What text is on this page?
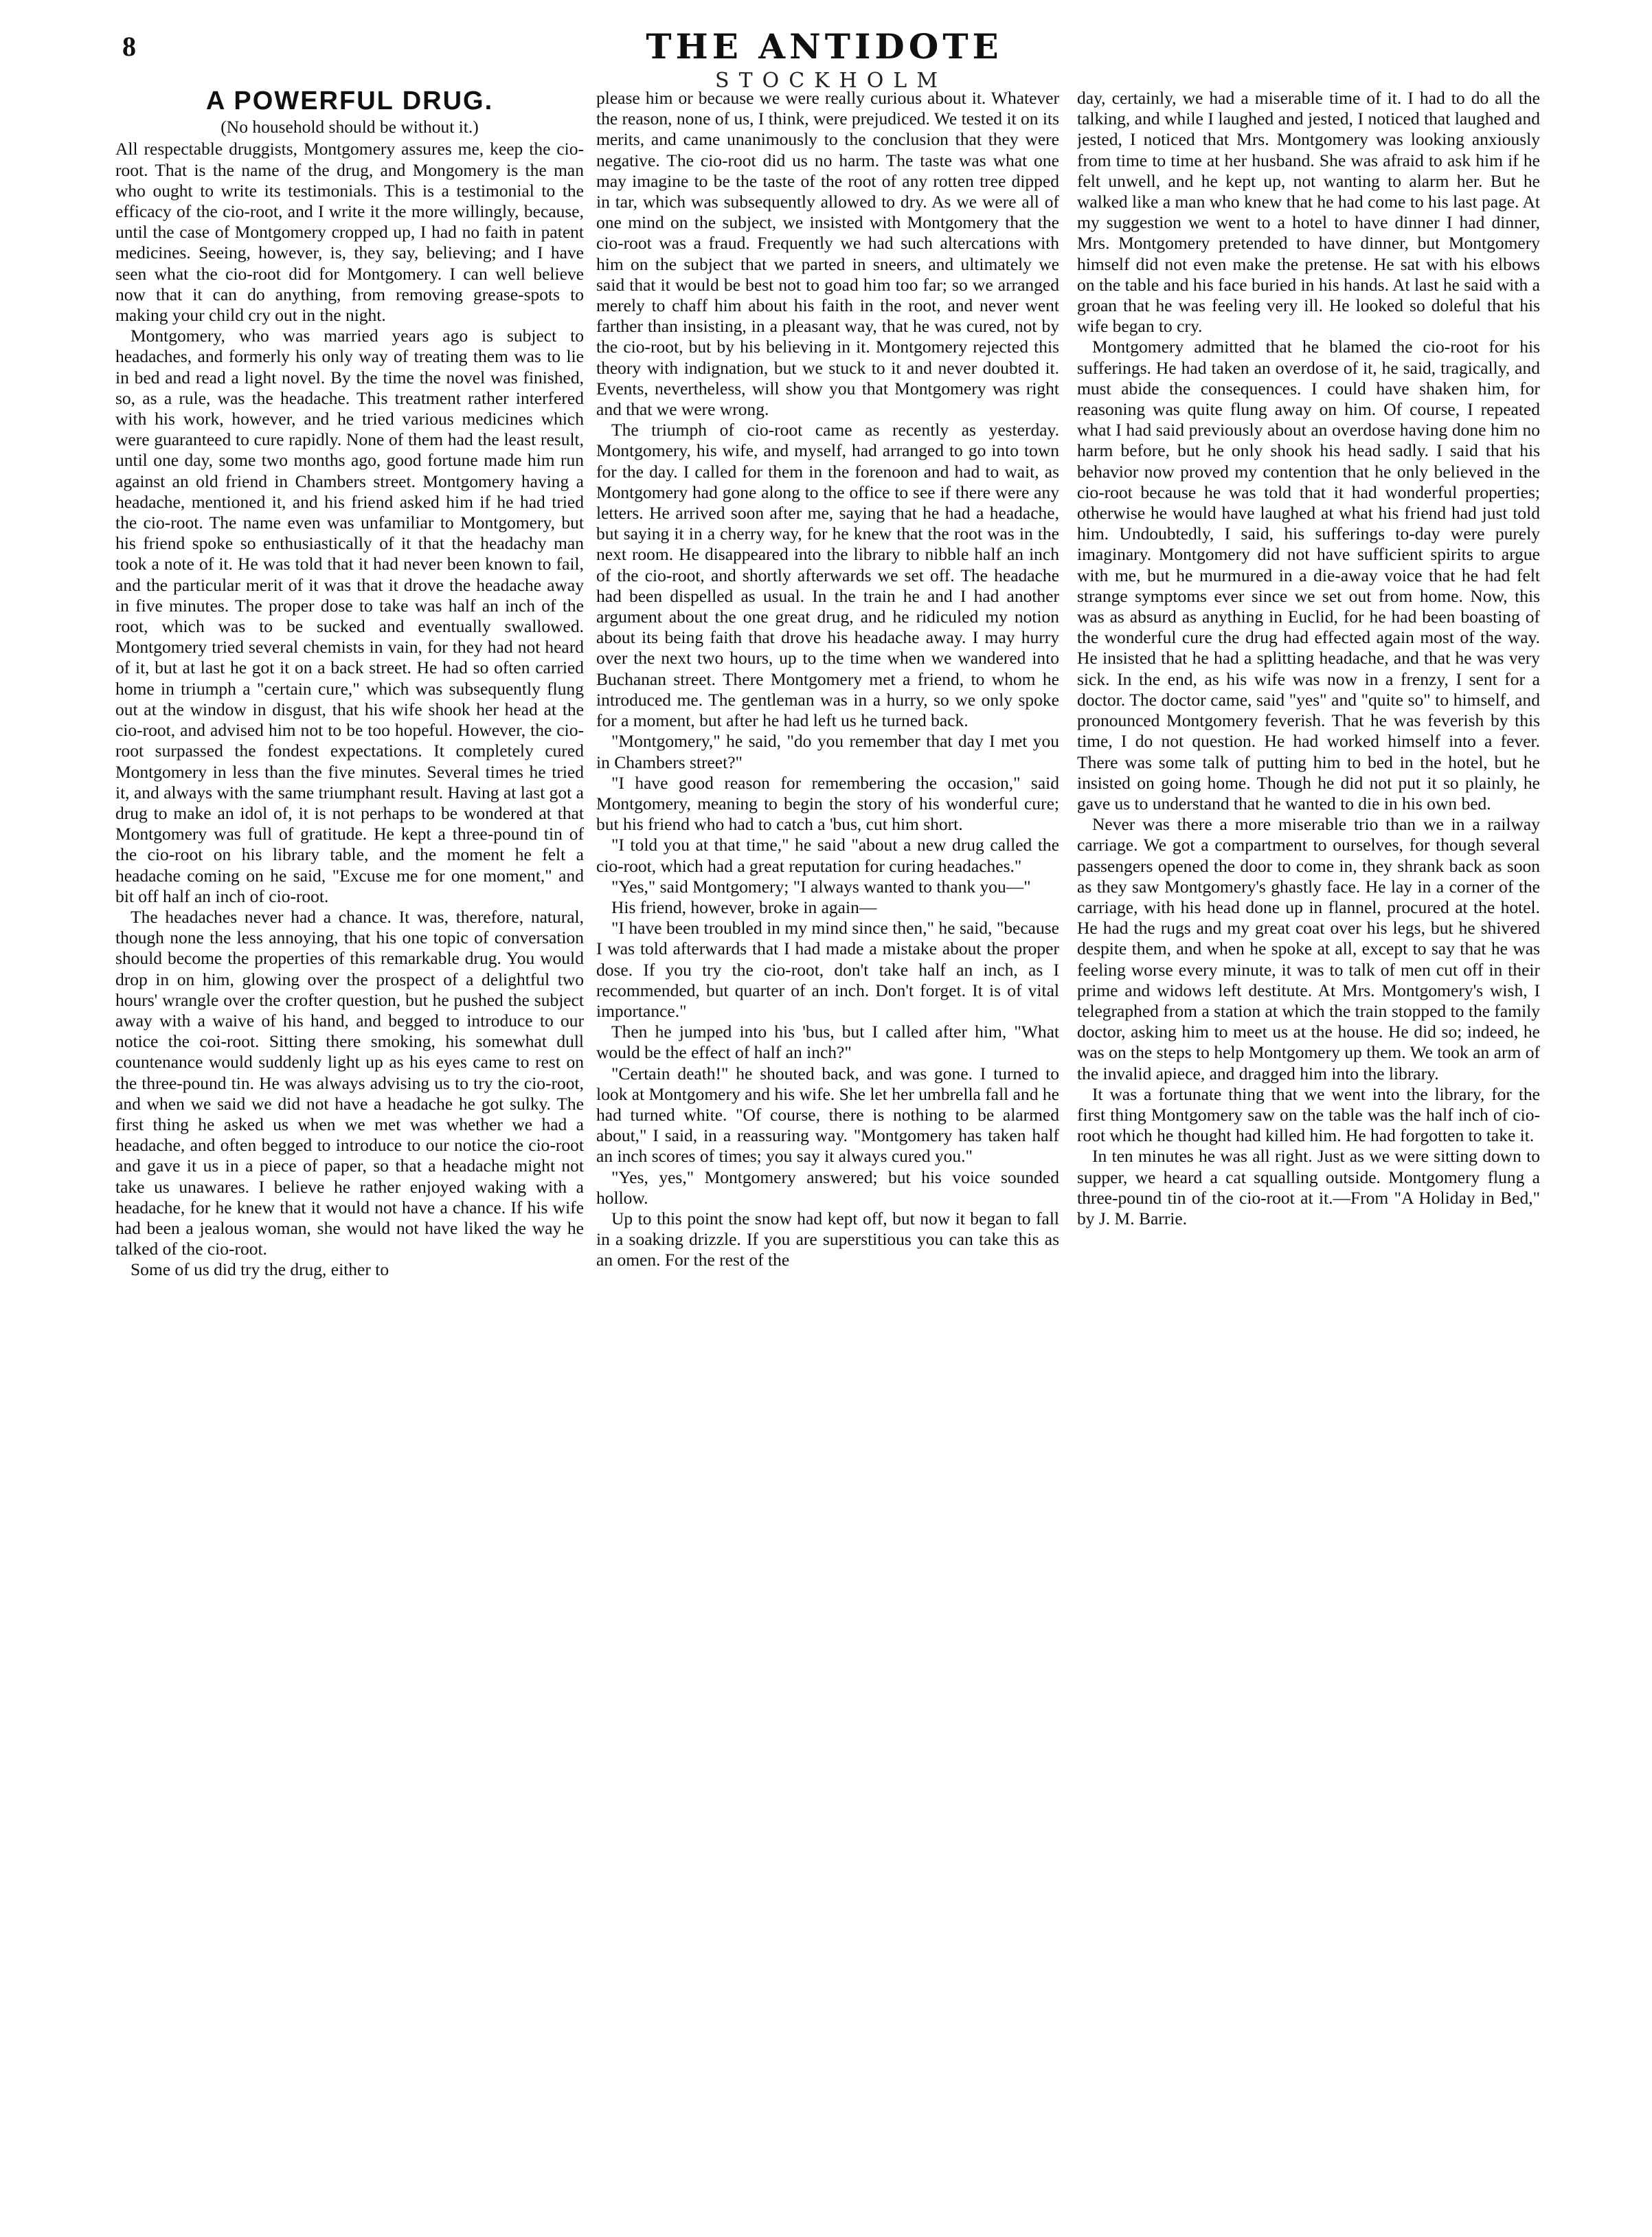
8	THE ANTIDOTE
STOCKHOLM
A POWERFUL DRUG.
(No household should be without it.)

All respectable druggists, Montgomery assures me, keep the cio-root. That is the name of the drug, and Mongomery is the man who ought to write its testimonials. This is a testimonial to the efficacy of the cio-root, and I write it the more willingly, because, until the case of Montgomery cropped up, I had no faith in patent medicines. Seeing, however, is, they say, believing; and I have seen what the cio-root did for Montgomery. I can well believe now that it can do anything, from removing grease-spots to making your child cry out in the night.

Montgomery, who was married years ago is subject to headaches, and formerly his only way of treating them was to lie in bed and read a light novel. By the time the novel was finished, so, as a rule, was the headache. This treatment rather interfered with his work, however, and he tried various medicines which were guaranteed to cure rapidly. None of them had the least result, until one day, some two months ago, good fortune made him run against an old friend in Chambers street. Montgomery having a headache, mentioned it, and his friend asked him if he had tried the cio-root. The name even was unfamiliar to Montgomery, but his friend spoke so enthusiastically of it that the headachy man took a note of it. He was told that it had never been known to fail, and the particular merit of it was that it drove the headache away in five minutes. The proper dose to take was half an inch of the root, which was to be sucked and eventually swallowed. Montgomery tried several chemists in vain, for they had not heard of it, but at last he got it on a back street. He had so often carried home in triumph a "certain cure," which was subsequently flung out at the window in disgust, that his wife shook her head at the cio-root, and advised him not to be too hopeful. However, the cio-root surpassed the fondest expectations. It completely cured Montgomery in less than the five minutes. Several times he tried it, and always with the same triumphant result. Having at last got a drug to make an idol of, it is not perhaps to be wondered at that Montgomery was full of gratitude. He kept a three-pound tin of the cio-root on his library table, and the moment he felt a headache coming on he said, "Excuse me for one moment," and bit off half an inch of cio-root.

The headaches never had a chance. It was, therefore, natural, though none the less annoying, that his one topic of conversation should become the properties of this remarkable drug. You would drop in on him, glowing over the prospect of a delightful two hours' wrangle over the crofter question, but he pushed the subject away with a waive of his hand, and begged to introduce to our notice the coi-root. Sitting there smoking, his somewhat dull countenance would suddenly light up as his eyes came to rest on the three-pound tin. He was always advising us to try the cio-root, and when we said we did not have a headache he got sulky. The first thing he asked us when we met was whether we had a headache, and often begged to introduce to our notice the cio-root and gave it us in a piece of paper, so that a headache might not take us unawares. I believe he rather enjoyed waking with a headache, for he knew that it would not have a chance. If his wife had been a jealous woman, she would not have liked the way he talked of the cio-root.

Some of us did try the drug, either to

please him or because we were really curious about it. Whatever the reason, none of us, I think, were prejudiced. We tested it on its merits, and came unanimously to the conclusion that they were negative. The cio-root did us no harm. The taste was what one may imagine to be the taste of the root of any rotten tree dipped in tar, which was subsequently allowed to dry. As we were all of one mind on the subject, we insisted with Montgomery that the cio-root was a fraud. Frequently we had such altercations with him on the subject that we parted in sneers, and ultimately we said that it would be best not to goad him too far; so we arranged merely to chaff him about his faith in the root, and never went farther than insisting, in a pleasant way, that he was cured, not by the cio-root, but by his believing in it. Montgomery rejected this theory with indignation, but we stuck to it and never doubted it. Events, nevertheless, will show you that Montgomery was right and that we were wrong.

The triumph of cio-root came as recently as yesterday. Montgomery, his wife, and myself, had arranged to go into town for the day. I called for them in the forenoon and had to wait, as Montgomery had gone along to the office to see if there were any letters. He arrived soon after me, saying that he had a headache, but saying it in a cherry way, for he knew that the root was in the next room. He disappeared into the library to nibble half an inch of the cio-root, and shortly afterwards we set off. The headache had been dispelled as usual. In the train he and I had another argument about the one great drug, and he ridiculed my notion about its being faith that drove his headache away. I may hurry over the next two hours, up to the time when we wandered into Buchanan street. There Montgomery met a friend, to whom he introduced me. The gentleman was in a hurry, so we only spoke for a moment, but after he had left us he turned back.

"Montgomery," he said, "do you remember that day I met you in Chambers street?"

"I have good reason for remembering the occasion," said Montgomery, meaning to begin the story of his wonderful cure; but his friend who had to catch a 'bus, cut him short.

"I told you at that time," he said "about a new drug called the cio-root, which had a great reputation for curing headaches."

"Yes," said Montgomery; "I always wanted to thank you—"

His friend, however, broke in again—

"I have been troubled in my mind since then," he said, "because I was told afterwards that I had made a mistake about the proper dose. If you try the cio-root, don't take half an inch, as I recommended, but quarter of an inch. Don't forget. It is of vital importance."

Then he jumped into his 'bus, but I called after him, "What would be the effect of half an inch?"

"Certain death!" he shouted back, and was gone. I turned to look at Montgomery and his wife. She let her umbrella fall and he had turned white. "Of course, there is nothing to be alarmed about," I said, in a reassuring way. "Montgomery has taken half an inch scores of times; you say it always cured you."

"Yes, yes," Montgomery answered; but his voice sounded hollow.

Up to this point the snow had kept off, but now it began to fall in a soaking drizzle. If you are superstitious you can take this as an omen. For the rest of the

day, certainly, we had a miserable time of it. I had to do all the talking, and while I laughed and jested, I noticed that laughed and jested, I noticed that Mrs. Montgomery was looking anxiously from time to time at her husband. She was afraid to ask him if he felt unwell, and he kept up, not wanting to alarm her. But he walked like a man who knew that he had come to his last page. At my suggestion we went to a hotel to have dinner I had dinner, Mrs. Montgomery pretended to have dinner, but Montgomery himself did not even make the pretense. He sat with his elbows on the table and his face buried in his hands. At last he said with a groan that he was feeling very ill. He looked so doleful that his wife began to cry.

Montgomery admitted that he blamed the cio-root for his sufferings. He had taken an overdose of it, he said, tragically, and must abide the consequences. I could have shaken him, for reasoning was quite flung away on him. Of course, I repeated what I had said previously about an overdose having done him no harm before, but he only shook his head sadly. I said that his behavior now proved my contention that he only believed in the cio-root because he was told that it had wonderful properties; otherwise he would have laughed at what his friend had just told him. Undoubtedly, I said, his sufferings to-day were purely imaginary. Montgomery did not have sufficient spirits to argue with me, but he murmured in a die-away voice that he had felt strange symptoms ever since we set out from home. Now, this was as absurd as anything in Euclid, for he had been boasting of the wonderful cure the drug had effected again most of the way. He insisted that he had a splitting headache, and that he was very sick. In the end, as his wife was now in a frenzy, I sent for a doctor. The doctor came, said "yes" and "quite so" to himself, and pronounced Montgomery feverish. That he was feverish by this time, I do not question. He had worked himself into a fever. There was some talk of putting him to bed in the hotel, but he insisted on going home. Though he did not put it so plainly, he gave us to understand that he wanted to die in his own bed.

Never was there a more miserable trio than we in a railway carriage. We got a compartment to ourselves, for though several passengers opened the door to come in, they shrank back as soon as they saw Montgomery's ghastly face. He lay in a corner of the carriage, with his head done up in flannel, procured at the hotel. He had the rugs and my great coat over his legs, but he shivered despite them, and when he spoke at all, except to say that he was feeling worse every minute, it was to talk of men cut off in their prime and widows left destitute. At Mrs. Montgomery's wish, I telegraphed from a station at which the train stopped to the family doctor, asking him to meet us at the house. He did so; indeed, he was on the steps to help Montgomery up them. We took an arm of the invalid apiece, and dragged him into the library.

It was a fortunate thing that we went into the library, for the first thing Montgomery saw on the table was the half inch of cio-root which he thought had killed him. He had forgotten to take it.

In ten minutes he was all right. Just as we were sitting down to supper, we heard a cat squalling outside. Montgomery flung a three-pound tin of the cio-root at it.—From "A Holiday in Bed," by J. M. Barrie.
